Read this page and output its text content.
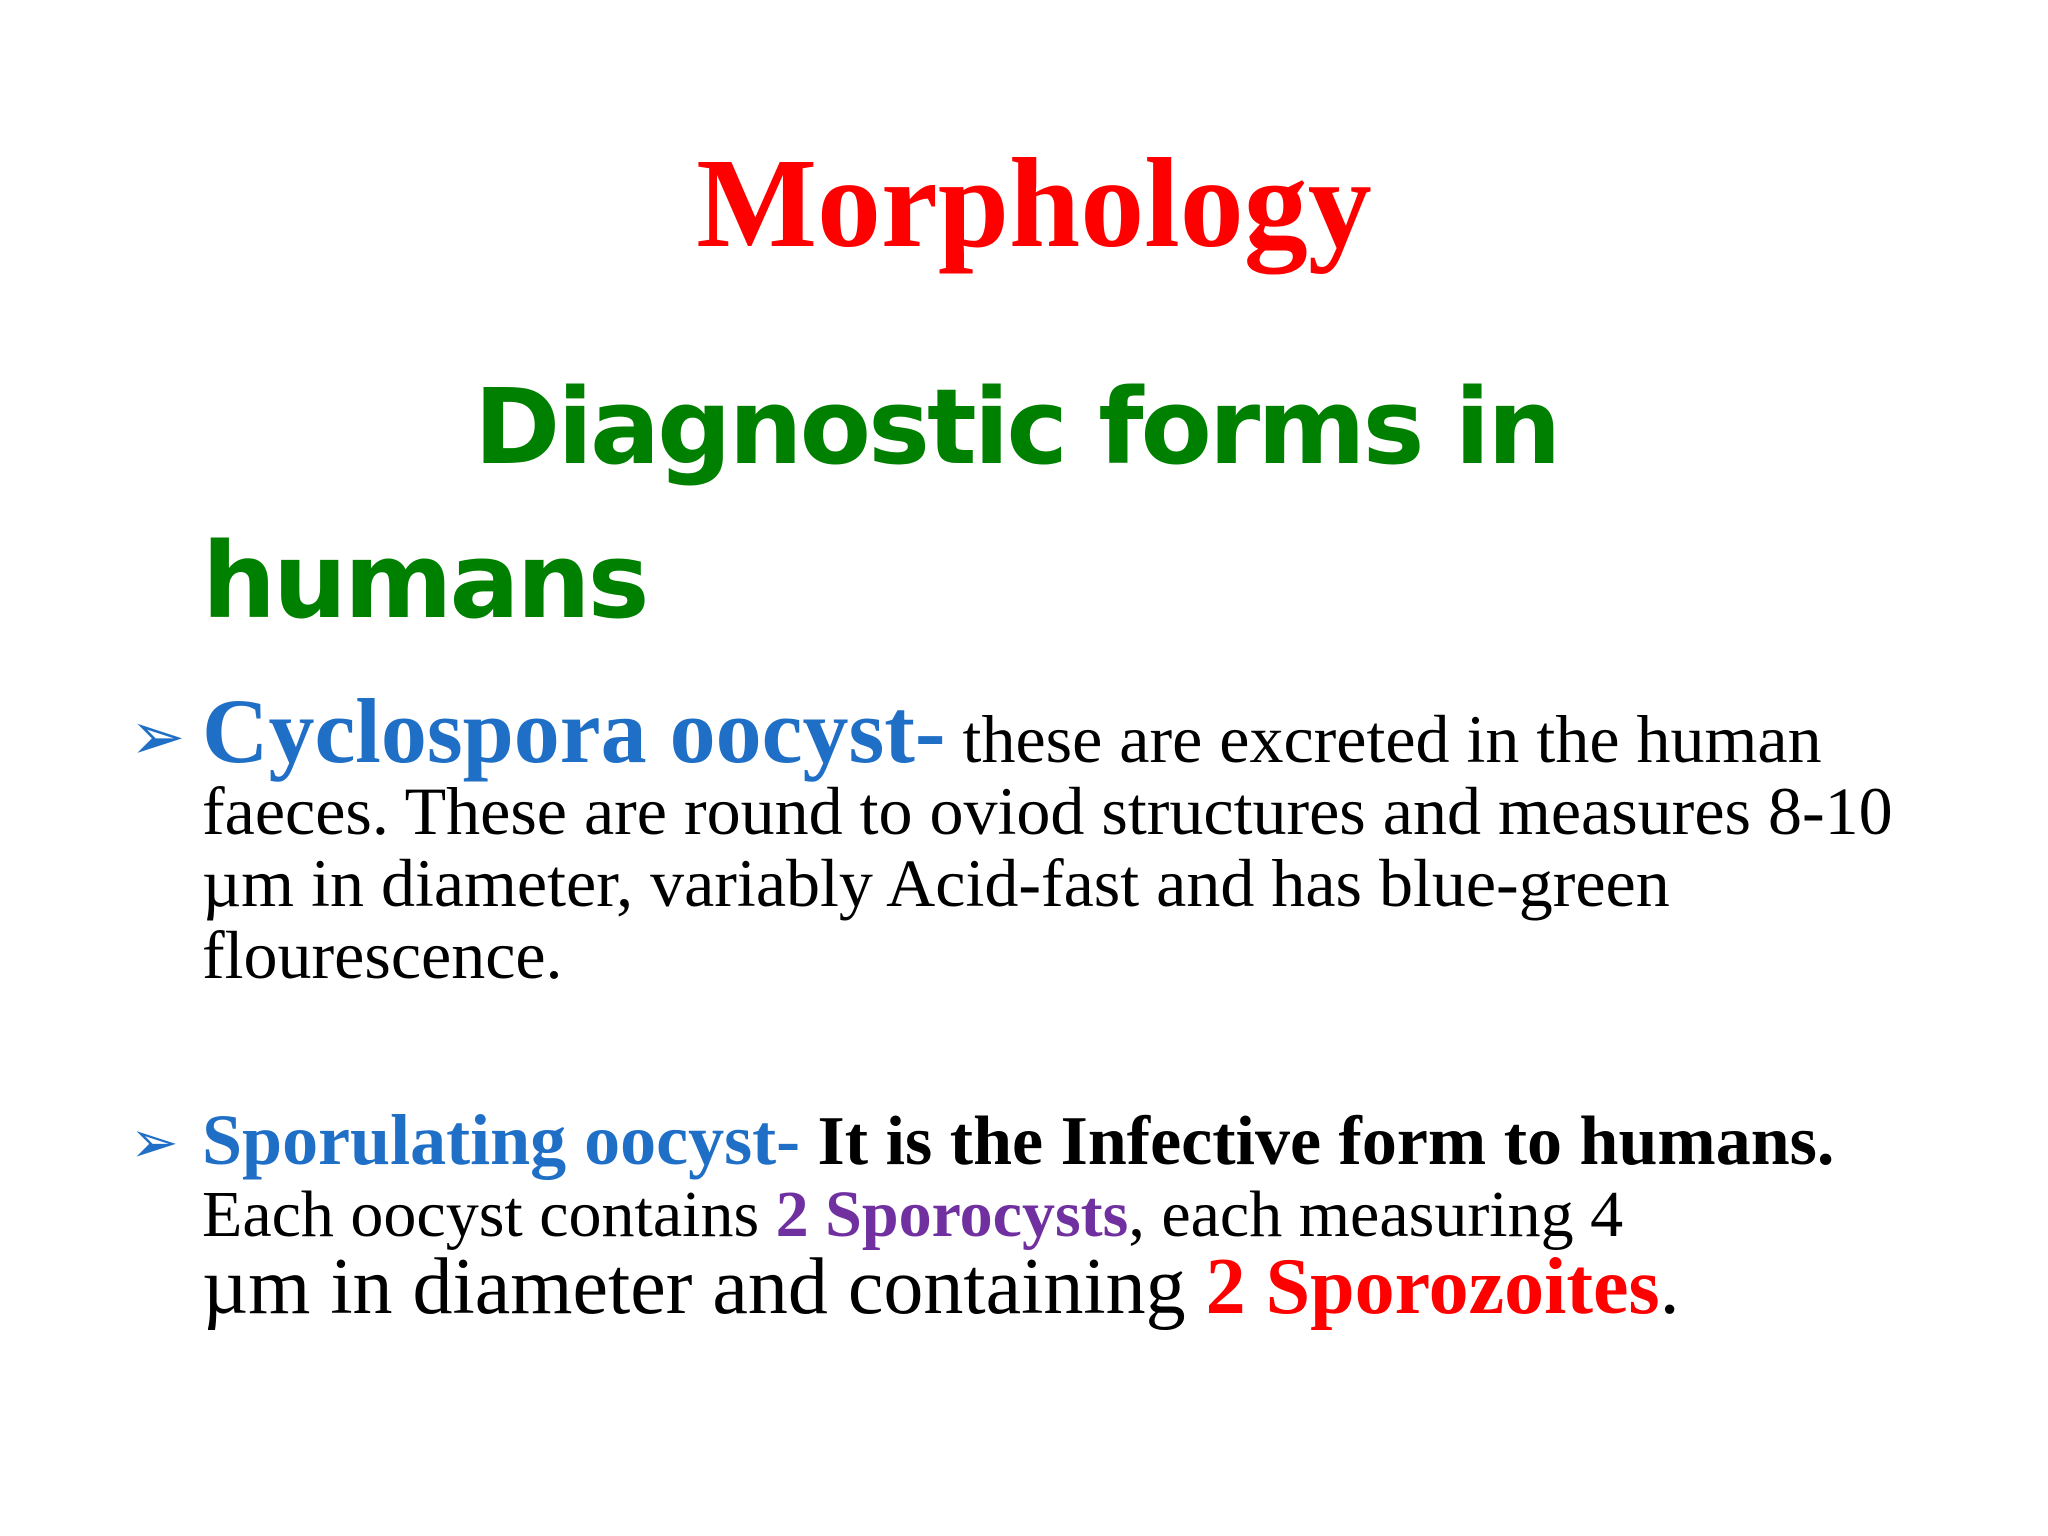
Morphology
Diagnostic forms in
humans
➢ Cyclospora oocyst- these are excreted in the human faeces. These are round to oviod structures and measures 8-10 µm in diameter, variably Acid-fast and has blue-green flourescence.
➢ Sporulating oocyst- It is the Infective form to humans.
Each oocyst contains 2 Sporocysts, each measuring 4
µm in diameter and containing 2 Sporozoites.
